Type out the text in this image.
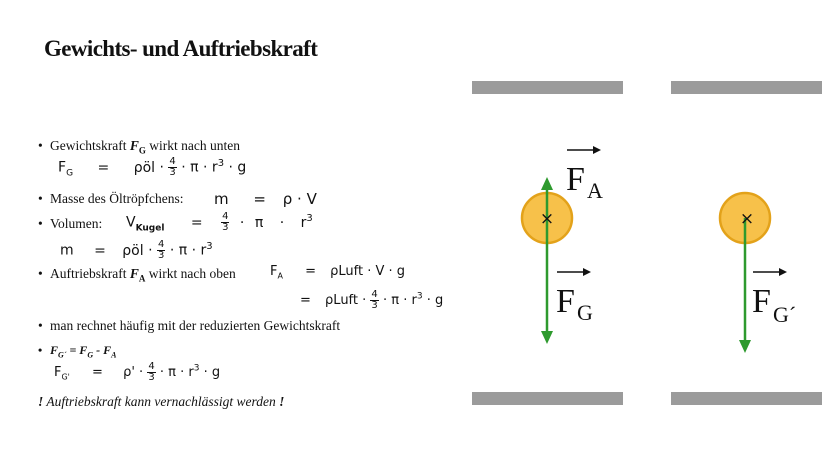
Gewichts- und Auftriebskraft
• Gewichtskraft $F_G$ wirkt nach unten
$F_G$ = ρöl · $\frac{4}{3} \cdot \pi \cdot r^3 \cdot g$
• Masse des Öltröpfchens: m = ρ · V
• Volumen: $V_{Kugel} = \frac{4}{3} \cdot \pi \cdot r^3$
m = ρöl · $\frac{4}{3} \cdot \pi \cdot r^3$
• Auftriebskraft $F_A$ wirkt nach oben	$F_A$ = ρLuft · V · g
= ρLuft · $\frac{4}{3} \cdot \pi \cdot r^3 \cdot g$
• man rechnet häufig mit der reduzierten Gewichtskraft
• $F_{G´} = F_G - F_A$
$F_{G'} = \rho' \cdot \frac{4}{3} \cdot \pi \cdot r^3 \cdot g$
! Auftriebskraft kann vernachlässigt werden !
×
F A
F G
×
F G´
